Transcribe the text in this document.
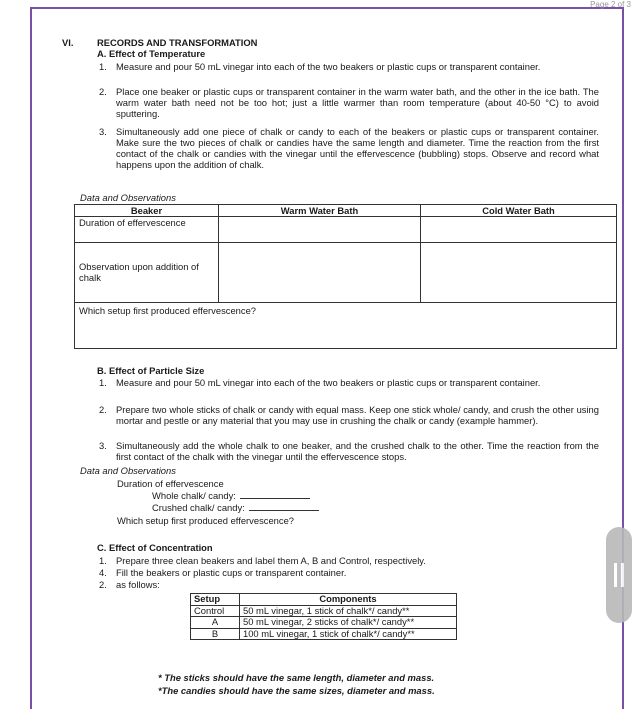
Page 2 of 3
VI.	RECORDS AND TRANSFORMATION
A. Effect of Temperature
1. Measure and pour 50 mL vinegar into each of the two beakers or plastic cups or transparent container.
2. Place one beaker or plastic cups or transparent container in the warm water bath, and the other in the ice bath. The warm water bath need not be too hot; just a little warmer than room temperature (about 40-50 °C) to avoid sputtering.
3. Simultaneously add one piece of chalk or candy to each of the beakers or plastic cups or transparent container. Make sure the two pieces of chalk or candies have the same length and diameter. Time the reaction from the first contact of the chalk or candies with the vinegar until the effervescence (bubbling) stops. Observe and record what happens upon the addition of chalk.
Data and Observations
Beaker	Warm Water Bath	Cold Water Bath
Duration of effervescence		
Observation upon addition of chalk		
Which setup first produced effervescence?
B. Effect of Particle Size
1. Measure and pour 50 mL vinegar into each of the two beakers or plastic cups or transparent container.
2. Prepare two whole sticks of chalk or candy with equal mass. Keep one stick whole/ candy, and crush the other using mortar and pestle or any material that you may use in crushing the chalk or candy (example hammer).
3. Simultaneously add the whole chalk to one beaker, and the crushed chalk to the other. Time the reaction from the first contact of the chalk with the vinegar until the effervescence stops.
Data and Observations
Duration of effervescence
Whole chalk/ candy:
Crushed chalk/ candy:
Which setup first produced effervescence?
C. Effect of Concentration
1. Prepare three clean beakers and label them A, B and Control, respectively.
4. Fill the beakers or plastic cups or transparent container.
2. as follows:
Setup	Components
Control	50 mL vinegar, 1 stick of chalk*/ candy**
A	50 mL vinegar, 2 sticks of chalk*/ candy**
B	100 mL vinegar, 1 stick of chalk*/ candy**
* The sticks should have the same length, diameter and mass.
*The candies should have the same sizes, diameter and mass.
